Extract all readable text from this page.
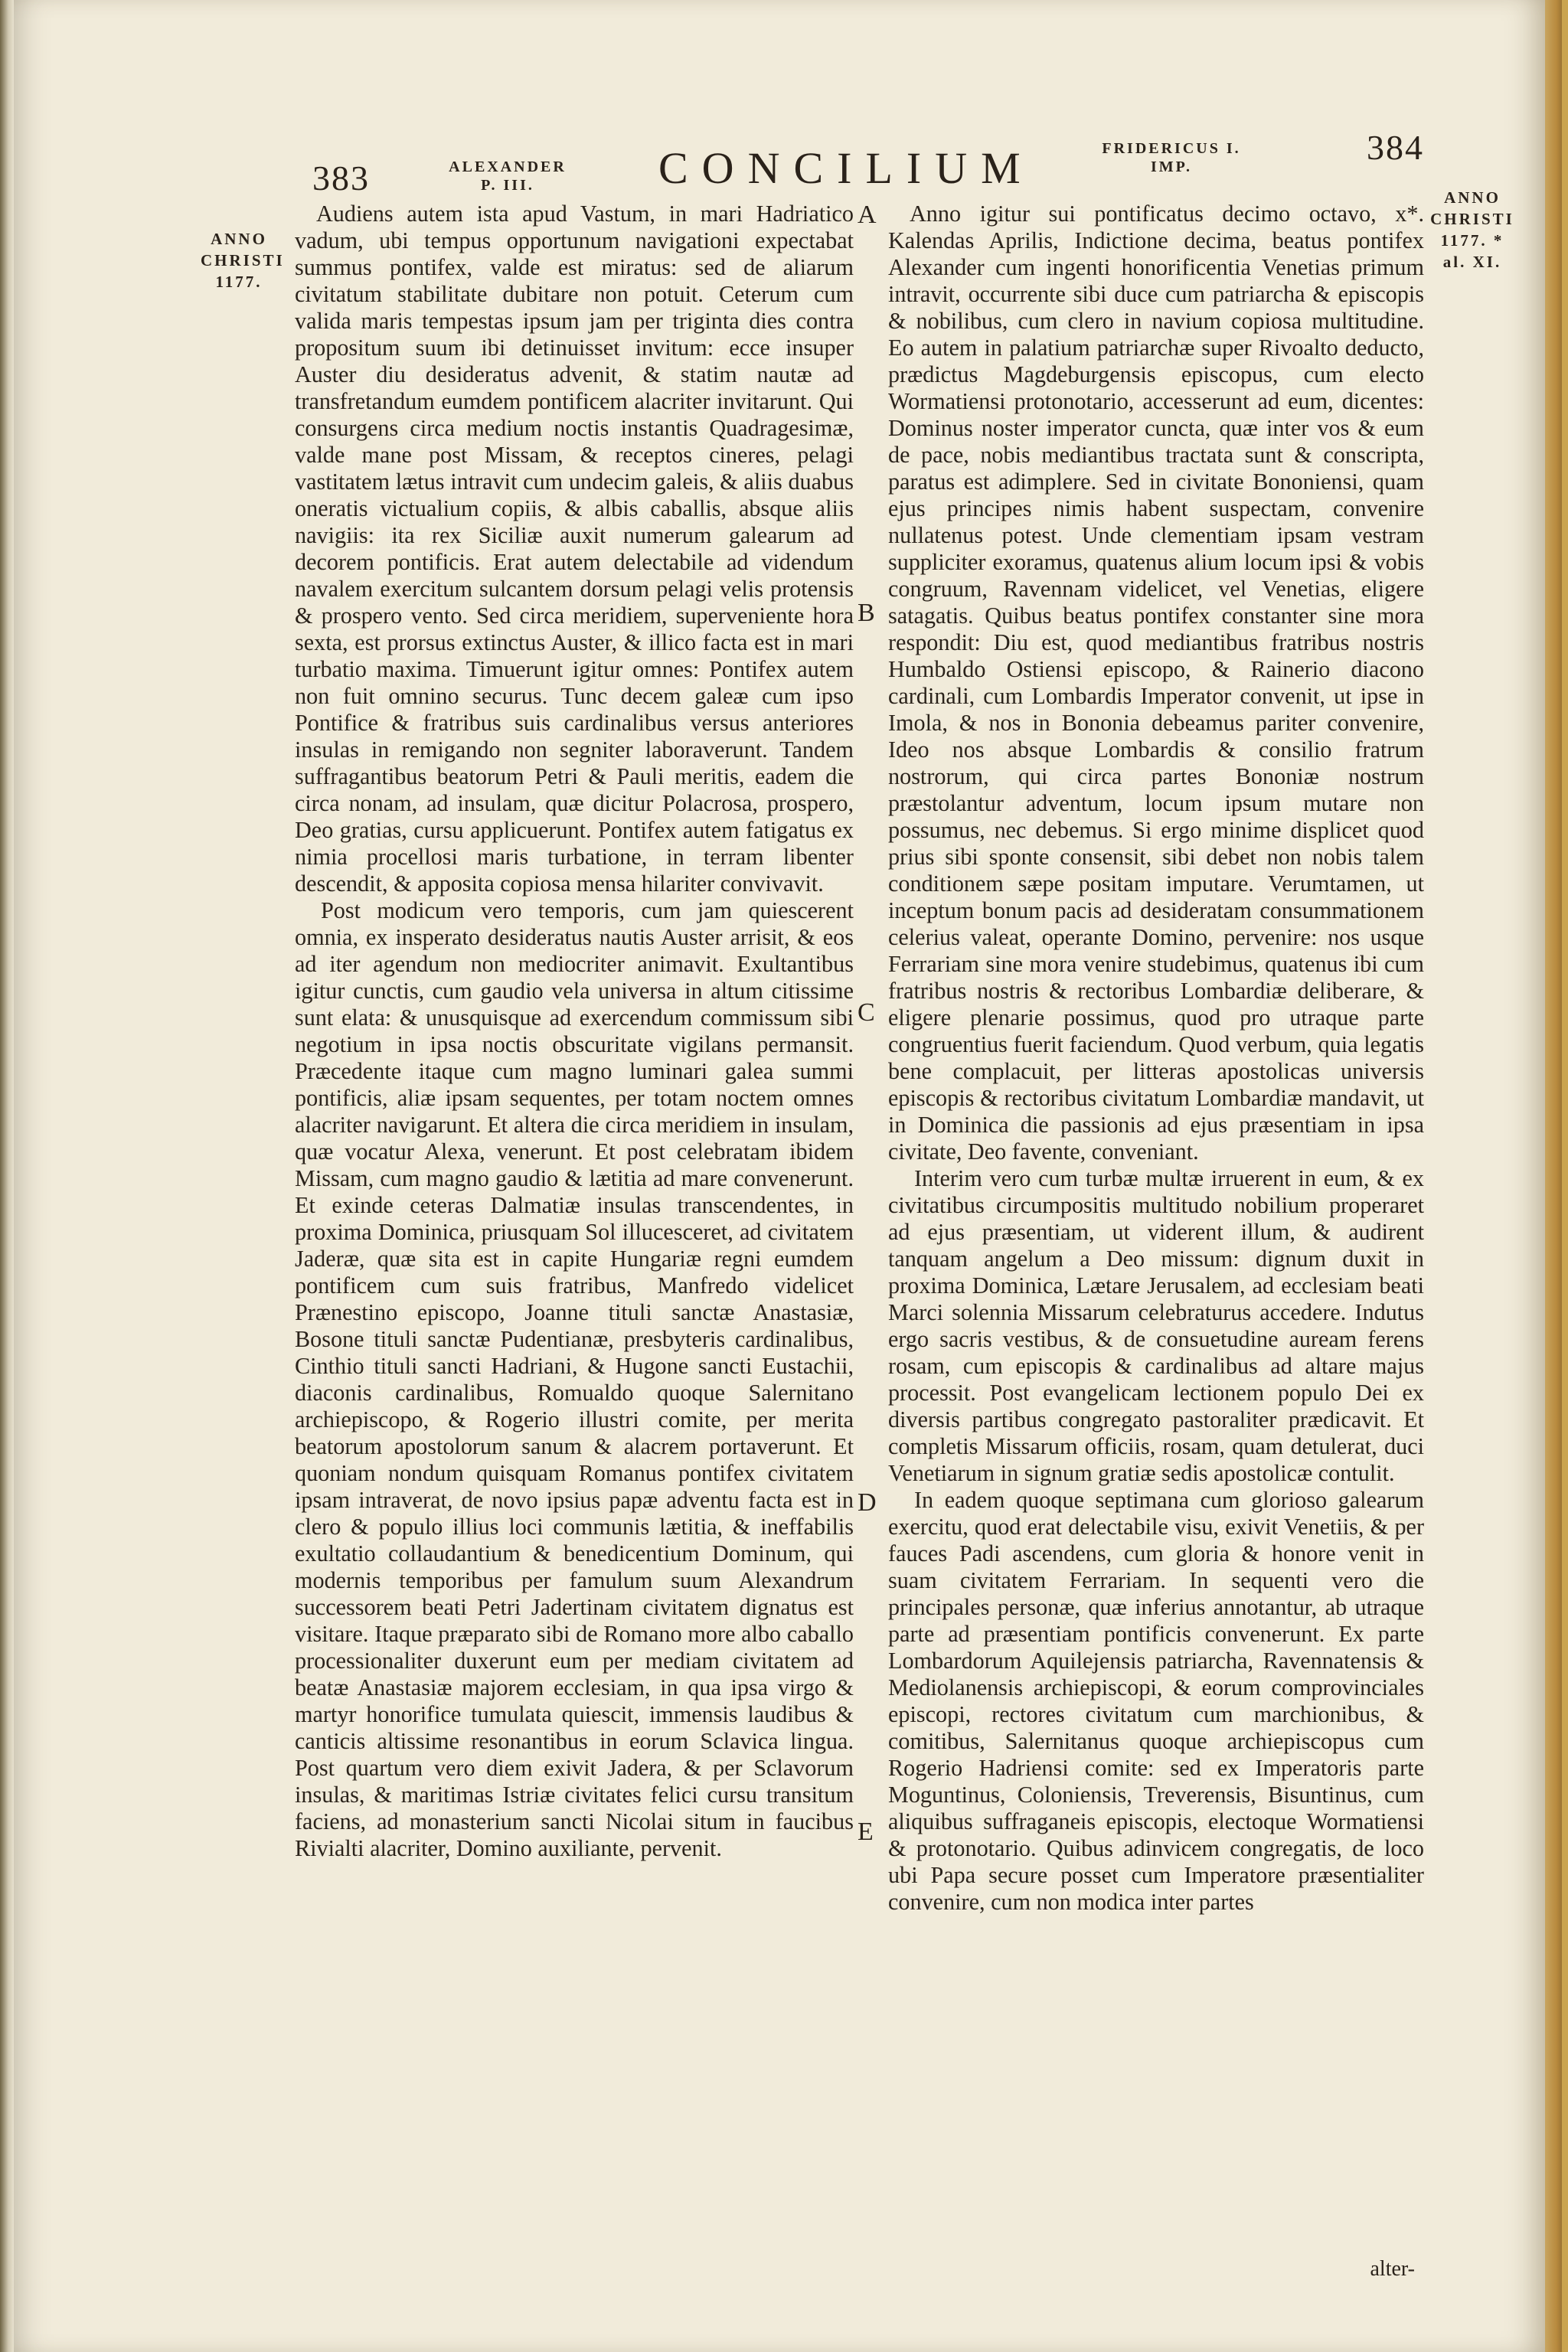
383	ALEXANDER P. III.	CONCILIUM	FRIDERICUS I. IMP.	384
ANNO CHRISTI 1177.
ANNO CHRISTI 1177. * al. XI.
A
B
C
D
E

Audiens autem ista apud Vastum, in mari Hadriatico vadum, ubi tempus opportunum navigationi expectabat summus pontifex, valde est miratus: sed de aliarum civitatum stabilitate dubitare non potuit. Ceterum cum valida maris tempestas ipsum jam per triginta dies contra propositum suum ibi detinuisset invitum: ecce insuper Auster diu desideratus advenit, & statim nautæ ad transfretandum eumdem pontificem alacriter invitarunt. Qui consurgens circa medium noctis instantis Quadragesimæ, valde mane post Missam, & receptos cineres, pelagi vastitatem lætus intravit cum undecim galeis, & aliis duabus oneratis victualium copiis, & albis caballis, absque aliis navigiis: ita rex Siciliæ auxit numerum galearum ad decorem pontificis. Erat autem delectabile ad videndum navalem exercitum sulcantem dorsum pelagi velis protensis & prospero vento. Sed circa meridiem, superveniente hora sexta, est prorsus extinctus Auster, & illico facta est in mari turbatio maxima. Timuerunt igitur omnes: Pontifex autem non fuit omnino securus. Tunc decem galeæ cum ipso Pontifice & fratribus suis cardinalibus versus anteriores insulas in remigando non segniter laboraverunt. Tandem suffragantibus beatorum Petri & Pauli meritis, eadem die circa nonam, ad insulam, quæ dicitur Polacrosa, prospero, Deo gratias, cursu applicuerunt. Pontifex autem fatigatus ex nimia procellosi maris turbatione, in terram libenter descendit, & apposita copiosa mensa hilariter convivavit.

Post modicum vero temporis, cum jam quiescerent omnia, ex insperato desideratus nautis Auster arrisit, & eos ad iter agendum non mediocriter animavit. Exultantibus igitur cunctis, cum gaudio vela universa in altum citissime sunt elata: & unusquisque ad exercendum commissum sibi negotium in ipsa noctis obscuritate vigilans permansit. Præcedente itaque cum magno luminari galea summi pontificis, aliæ ipsam sequentes, per totam noctem omnes alacriter navigarunt. Et altera die circa meridiem in insulam, quæ vocatur Alexa, venerunt. Et post celebratam ibidem Missam, cum magno gaudio & lætitia ad mare convenerunt. Et exinde ceteras Dalmatiæ insulas transcendentes, in proxima Dominica, priusquam Sol illucesceret, ad civitatem Jaderæ, quæ sita est in capite Hungariæ regni eumdem pontificem cum suis fratribus, Manfredo videlicet Prænestino episcopo, Joanne tituli sanctæ Anastasiæ, Bosone tituli sanctæ Pudentianæ, presbyteris cardinalibus, Cinthio tituli sancti Hadriani, & Hugone sancti Eustachii, diaconis cardinalibus, Romualdo quoque Salernitano archiepiscopo, & Rogerio illustri comite, per merita beatorum apostolorum sanum & alacrem portaverunt. Et quoniam nondum quisquam Romanus pontifex civitatem ipsam intraverat, de novo ipsius papæ adventu facta est in clero & populo illius loci communis lætitia, & ineffabilis exultatio collaudantium & benedicentium Dominum, qui modernis temporibus per famulum suum Alexandrum successorem beati Petri Jadertinam civitatem dignatus est visitare. Itaque præparato sibi de Romano more albo caballo processionaliter duxerunt eum per mediam civitatem ad beatæ Anastasiæ majorem ecclesiam, in qua ipsa virgo & martyr honorifice tumulata quiescit, immensis laudibus & canticis altissime resonantibus in eorum Sclavica lingua. Post quartum vero diem exivit Jadera, & per Sclavorum insulas, & maritimas Istriæ civitates felici cursu transitum faciens, ad monasterium sancti Nicolai situm in faucibus Rivialti alacriter, Domino auxiliante, pervenit.

Anno igitur sui pontificatus decimo octavo, x*. Kalendas Aprilis, Indictione decima, beatus pontifex Alexander cum ingenti honorificentia Venetias primum intravit, occurrente sibi duce cum patriarcha & episcopis & nobilibus, cum clero in navium copiosa multitudine. Eo autem in palatium patriarchæ super Rivoalto deducto, prædictus Magdeburgensis episcopus, cum electo Wormatiensi protonotario, accesserunt ad eum, dicentes: Dominus noster imperator cuncta, quæ inter vos & eum de pace, nobis mediantibus tractata sunt & conscripta, paratus est adimplere. Sed in civitate Bononiensi, quam ejus principes nimis habent suspectam, convenire nullatenus potest. Unde clementiam ipsam vestram suppliciter exoramus, quatenus alium locum ipsi & vobis congruum, Ravennam videlicet, vel Venetias, eligere satagatis. Quibus beatus pontifex constanter sine mora respondit: Diu est, quod mediantibus fratribus nostris Humbaldo Ostiensi episcopo, & Rainerio diacono cardinali, cum Lombardis Imperator convenit, ut ipse in Imola, & nos in Bononia debeamus pariter convenire, Ideo nos absque Lombardis & consilio fratrum nostrorum, qui circa partes Bononiæ nostrum præstolantur adventum, locum ipsum mutare non possumus, nec debemus. Si ergo minime displicet quod prius sibi sponte consensit, sibi debet non nobis talem conditionem sæpe positam imputare. Verumtamen, ut inceptum bonum pacis ad desideratam consummationem celerius valeat, operante Domino, pervenire: nos usque Ferrariam sine mora venire studebimus, quatenus ibi cum fratribus nostris & rectoribus Lombardiæ deliberare, & eligere plenarie possimus, quod pro utraque parte congruentius fuerit faciendum. Quod verbum, quia legatis bene complacuit, per litteras apostolicas universis episcopis & rectoribus civitatum Lombardiæ mandavit, ut in Dominica die passionis ad ejus præsentiam in ipsa civitate, Deo favente, conveniant.

Interim vero cum turbæ multæ irruerent in eum, & ex civitatibus circumpositis multitudo nobilium properaret ad ejus præsentiam, ut viderent illum, & audirent tanquam angelum a Deo missum: dignum duxit in proxima Dominica, Lætare Jerusalem, ad ecclesiam beati Marci solennia Missarum celebraturus accedere. Indutus ergo sacris vestibus, & de consuetudine auream ferens rosam, cum episcopis & cardinalibus ad altare majus processit. Post evangelicam lectionem populo Dei ex diversis partibus congregato pastoraliter prædicavit. Et completis Missarum officiis, rosam, quam detulerat, duci Venetiarum in signum gratiæ sedis apostolicæ contulit.

In eadem quoque septimana cum glorioso galearum exercitu, quod erat delectabile visu, exivit Venetiis, & per fauces Padi ascendens, cum gloria & honore venit in suam civitatem Ferrariam. In sequenti vero die principales personæ, quæ inferius annotantur, ab utraque parte ad præsentiam pontificis convenerunt. Ex parte Lombardorum Aquilejensis patriarcha, Ravennatensis & Mediolanensis archiepiscopi, & eorum comprovinciales episcopi, rectores civitatum cum marchionibus, & comitibus, Salernitanus quoque archiepiscopus cum Rogerio Hadriensi comite: sed ex Imperatoris parte Moguntinus, Coloniensis, Treverensis, Bisuntinus, cum aliquibus suffraganeis episcopis, electoque Wormatiensi & protonotario. Quibus adinvicem congregatis, de loco ubi Papa secure posset cum Imperatore præsentialiter convenire, cum non modica inter partes

alter-
